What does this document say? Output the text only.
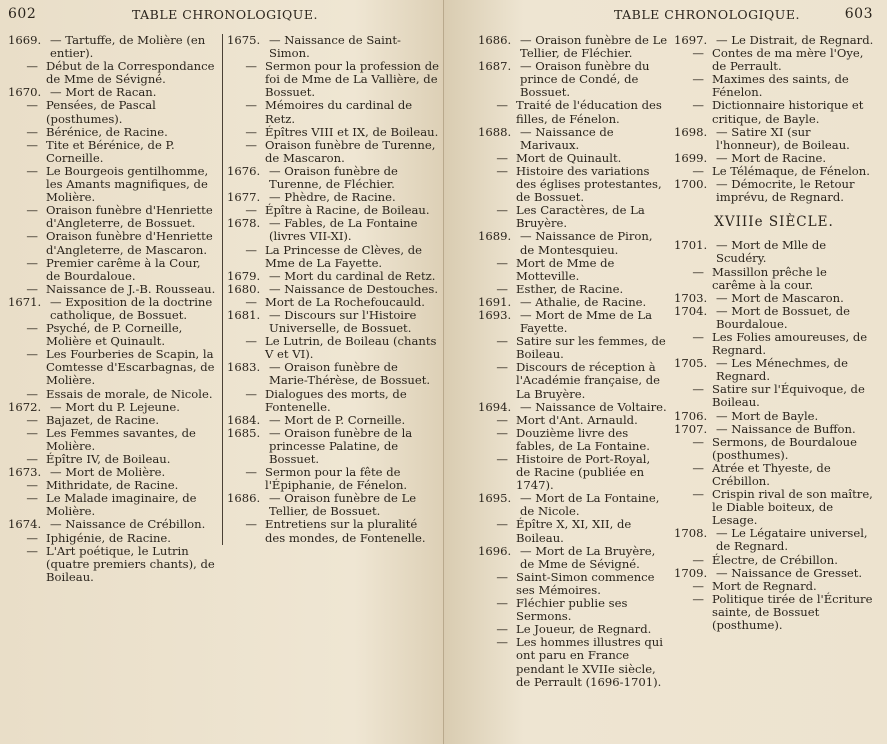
602	TABLE CHRONOLOGIQUE.
1669. — Tartuffe, de Molière (en entier).
— Début de la Correspondance de Mme de Sévigné.
1670. — Mort de Racan.
— Pensées, de Pascal (posthumes).
— Bérénice, de Racine.
— Tite et Bérénice, de P. Corneille.
— Le Bourgeois gentilhomme, les Amants magnifiques, de Molière.
— Oraison funèbre d'Henriette d'Angleterre, de Bossuet.
— Oraison funèbre d'Henriette d'Angleterre, de Mascaron.
— Premier carême à la Cour, de Bourdaloue.
— Naissance de J.-B. Rousseau.
1671. — Exposition de la doctrine catholique, de Bossuet.
— Psyché, de P. Corneille, Molière et Quinault.
— Les Fourberies de Scapin, la Comtesse d'Escarbagnas, de Molière.
— Essais de morale, de Nicole.
1672. — Mort du P. Lejeune.
— Bajazet, de Racine.
— Les Femmes savantes, de Molière.
— Épître IV, de Boileau.
1673. — Mort de Molière.
— Mithridate, de Racine.
— Le Malade imaginaire, de Molière.
1674. — Naissance de Crébillon.
— Iphigénie, de Racine.
— L'Art poétique, le Lutrin (quatre premiers chants), de Boileau.
1675. — Naissance de Saint-Simon.
— Sermon pour la profession de foi de Mme de La Vallière, de Bossuet.
— Mémoires du cardinal de Retz.
— Épîtres VIII et IX, de Boileau.
— Oraison funèbre de Turenne, de Mascaron.
1676. — Oraison funèbre de Turenne, de Fléchier.
1677. — Phèdre, de Racine.
— Épître à Racine, de Boileau.
1678. — Fables, de La Fontaine (livres VII-XI).
— La Princesse de Clèves, de Mme de La Fayette.
1679. — Mort du cardinal de Retz.
1680. — Naissance de Destouches.
— Mort de La Rochefoucauld.
1681. — Discours sur l'Histoire Universelle, de Bossuet.
— Le Lutrin, de Boileau (chants V et VI).
1683. — Oraison funèbre de Marie-Thérèse, de Bossuet.
— Dialogues des morts, de Fontenelle.
1684. — Mort de P. Corneille.
1685. — Oraison funèbre de la princesse Palatine, de Bossuet.
— Sermon pour la fête de l'Épiphanie, de Fénelon.
1686. — Oraison funèbre de Le Tellier, de Bossuet.
— Entretiens sur la pluralité des mondes, de Fontenelle.
TABLE CHRONOLOGIQUE.	603
1686. — Oraison funèbre de Le Tellier, de Fléchier.
1687. — Oraison funèbre du prince de Condé, de Bossuet.
— Traité de l'éducation des filles, de Fénelon.
1688. — Naissance de Marivaux.
— Mort de Quinault.
— Histoire des variations des églises protestantes, de Bossuet.
— Les Caractères, de La Bruyère.
1689. — Naissance de Piron, de Montesquieu.
— Mort de Mme de Motteville.
— Esther, de Racine.
1691. — Athalie, de Racine.
1693. — Mort de Mme de La Fayette.
— Satire sur les femmes, de Boileau.
— Discours de réception à l'Académie française, de La Bruyère.
1694. — Naissance de Voltaire.
— Mort d'Ant. Arnauld.
— Douzième livre des fables, de La Fontaine.
— Histoire de Port-Royal, de Racine (publiée en 1747).
1695. — Mort de La Fontaine, de Nicole.
— Épître X, XI, XII, de Boileau.
1696. — Mort de La Bruyère, de Mme de Sévigné.
— Saint-Simon commence ses Mémoires.
— Fléchier publie ses Sermons.
— Le Joueur, de Regnard.
— Les hommes illustres qui ont paru en France pendant le XVIIe siècle, de Perrault (1696-1701).
1697. — Le Distrait, de Regnard.
— Contes de ma mère l'Oye, de Perrault.
— Maximes des saints, de Fénelon.
— Dictionnaire historique et critique, de Bayle.
1698. — Satire XI (sur l'honneur), de Boileau.
1699. — Mort de Racine.
— Le Télémaque, de Fénelon.
1700. — Démocrite, le Retour imprévu, de Regnard.
XVIIIe SIÈCLE.
1701. — Mort de Mlle de Scudéry.
— Massillon prêche le carême à la cour.
1703. — Mort de Mascaron.
1704. — Mort de Bossuet, de Bourdaloue.
— Les Folies amoureuses, de Regnard.
1705. — Les Ménechmes, de Regnard.
— Satire sur l'Équivoque, de Boileau.
1706. — Mort de Bayle.
1707. — Naissance de Buffon.
— Sermons, de Bourdaloue (posthumes).
— Atrée et Thyeste, de Crébillon.
— Crispin rival de son maître, le Diable boiteux, de Lesage.
1708. — Le Légataire universel, de Regnard.
— Électre, de Crébillon.
1709. — Naissance de Gresset.
— Mort de Regnard.
— Politique tirée de l'Écriture sainte, de Bossuet (posthume).
